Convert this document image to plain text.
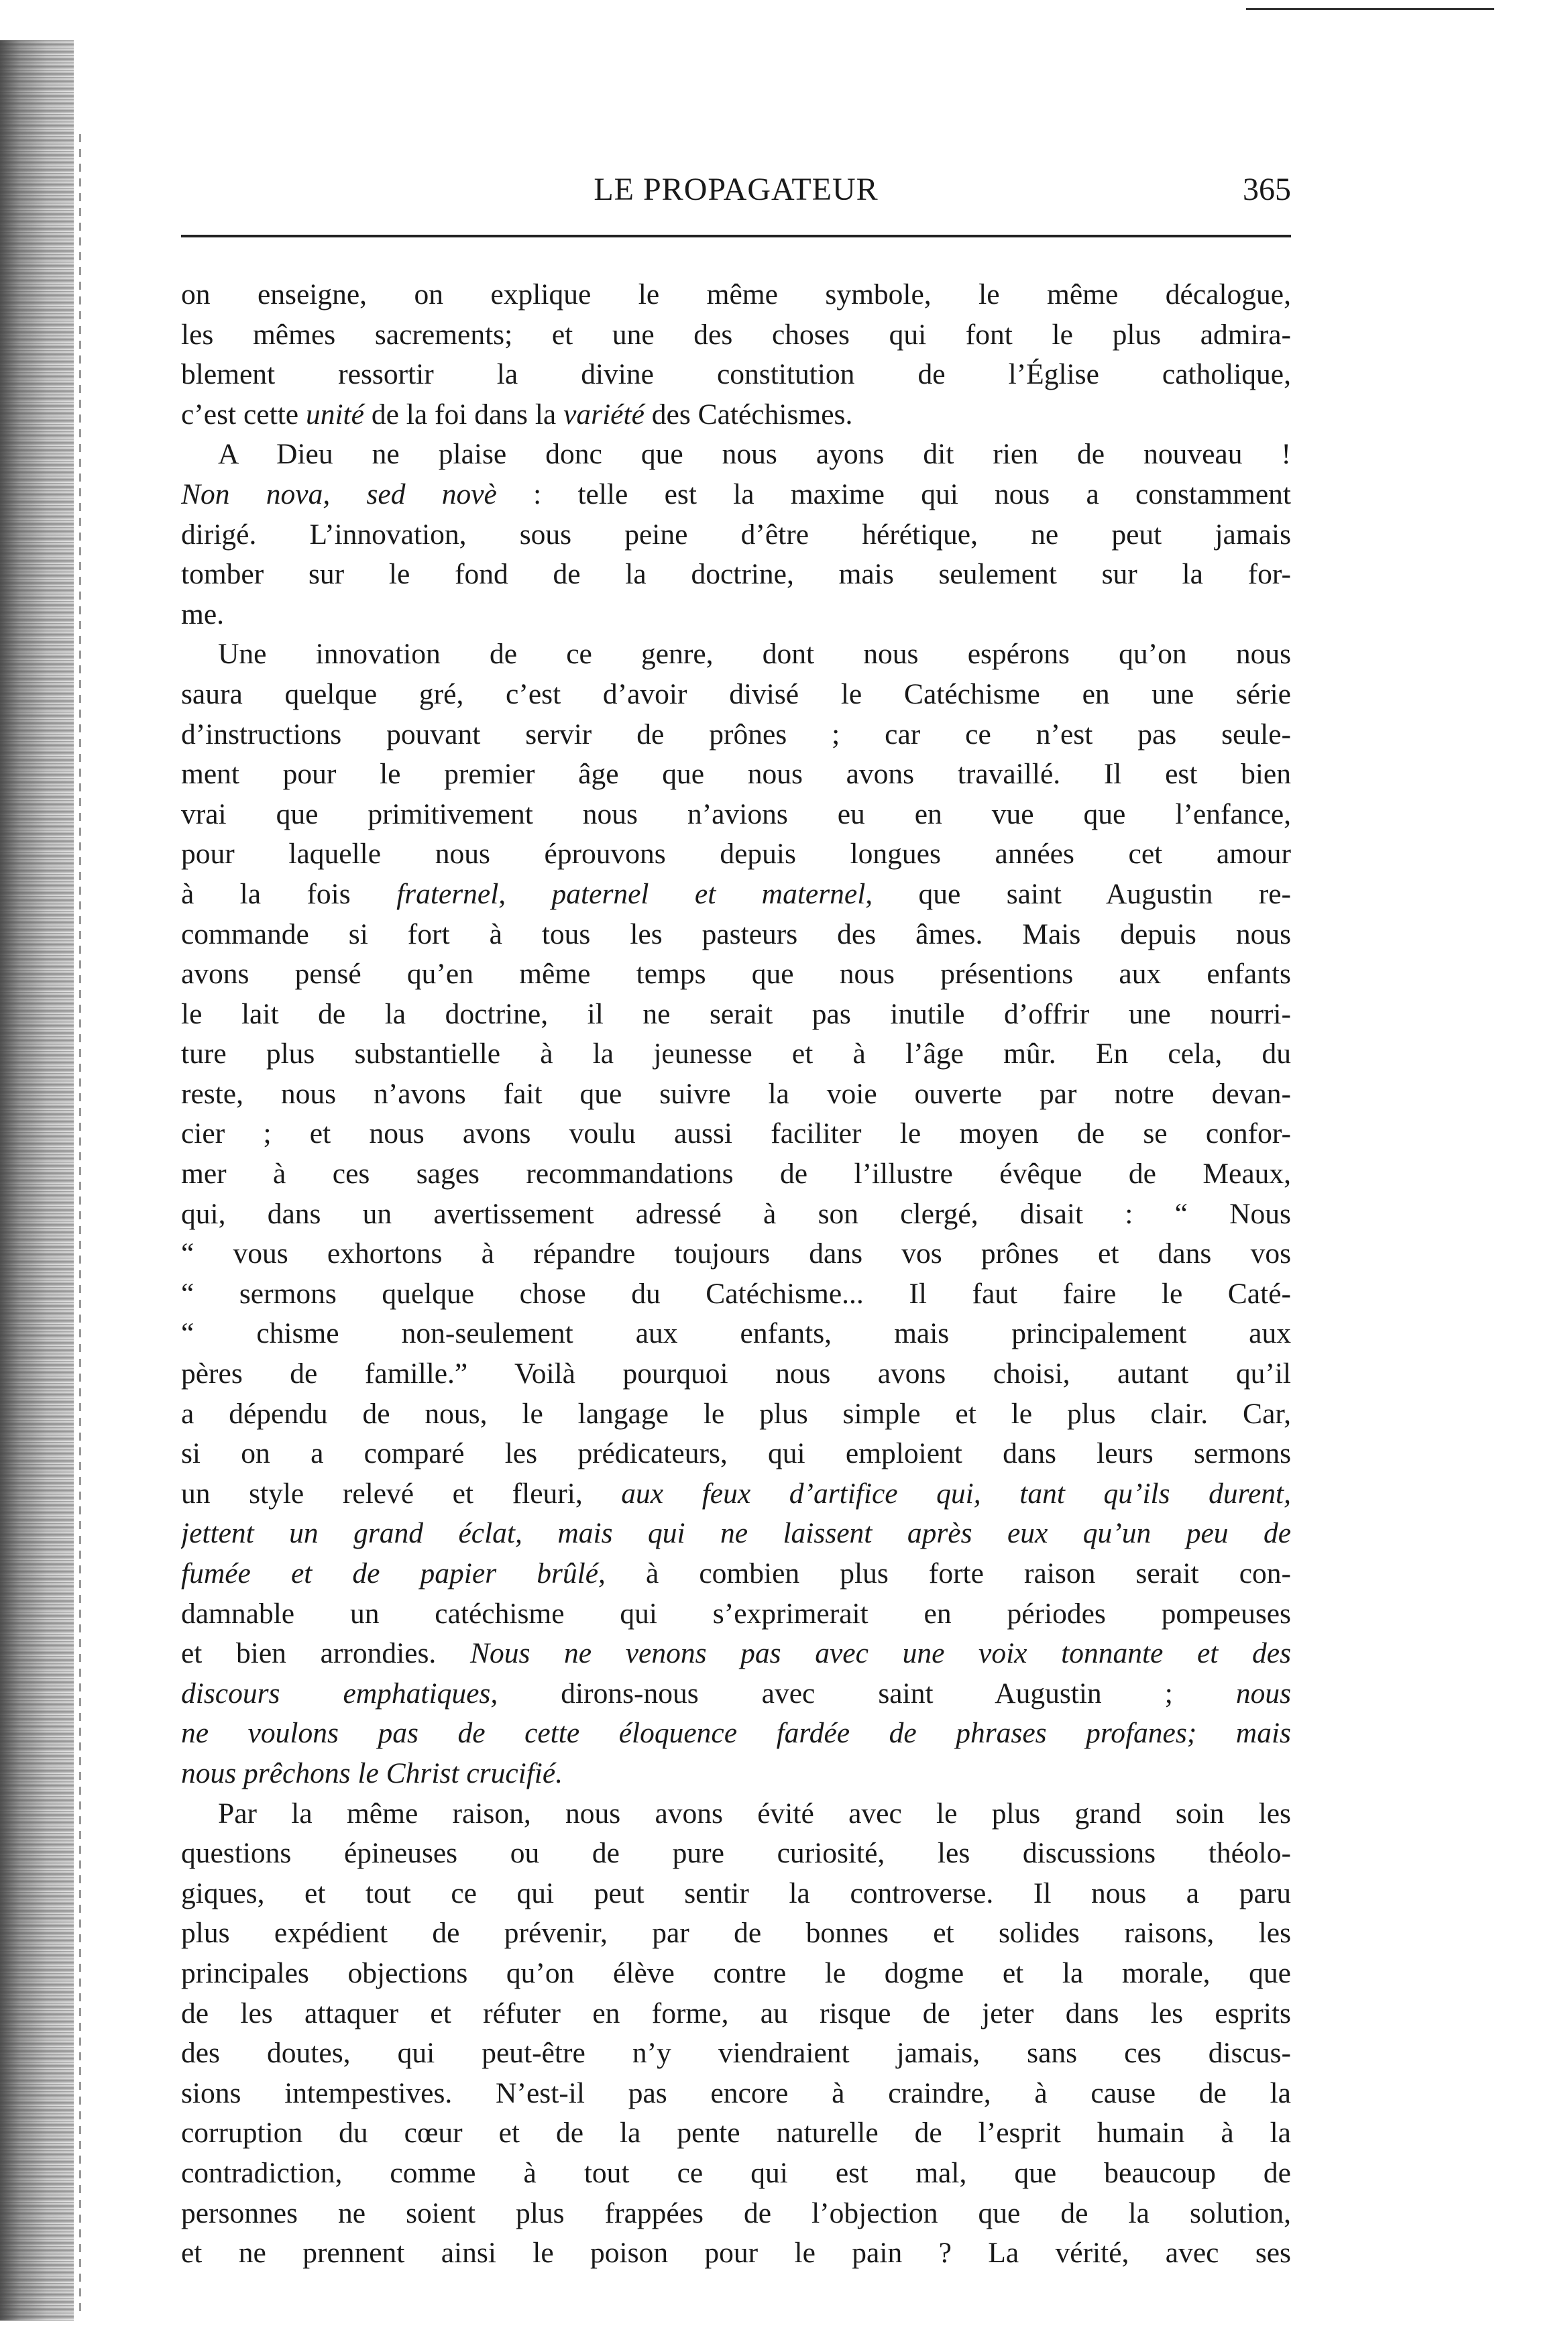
LE PROPAGATEUR	365
on enseigne, on explique le même symbole, le même décalogue,
les mêmes sacrements; et une des choses qui font le plus admira-
blement ressortir la divine constitution de l’Église catholique,
c’est cette unité de la foi dans la variété des Catéchismes.
A Dieu ne plaise donc que nous ayons dit rien de nouveau !
Non nova, sed novè : telle est la maxime qui nous a constamment
dirigé. L’innovation, sous peine d’être hérétique, ne peut jamais
tomber sur le fond de la doctrine, mais seulement sur la for-
me.
Une innovation de ce genre, dont nous espérons qu’on nous
saura quelque gré, c’est d’avoir divisé le Catéchisme en une série
d’instructions pouvant servir de prônes ; car ce n’est pas seule-
ment pour le premier âge que nous avons travaillé. Il est bien
vrai que primitivement nous n’avions eu en vue que l’enfance,
pour laquelle nous éprouvons depuis longues années cet amour
à la fois fraternel, paternel et maternel, que saint Augustin re-
commande si fort à tous les pasteurs des âmes. Mais depuis nous
avons pensé qu’en même temps que nous présentions aux enfants
le lait de la doctrine, il ne serait pas inutile d’offrir une nourri-
ture plus substantielle à la jeunesse et à l’âge mûr. En cela, du
reste, nous n’avons fait que suivre la voie ouverte par notre devan-
cier ; et nous avons voulu aussi faciliter le moyen de se confor-
mer à ces sages recommandations de l’illustre évêque de Meaux,
qui, dans un avertissement adressé à son clergé, disait : “ Nous
“ vous exhortons à répandre toujours dans vos prônes et dans vos
“ sermons quelque chose du Catéchisme... Il faut faire le Caté-
“ chisme non-seulement aux enfants, mais principalement aux
pères de famille.” Voilà pourquoi nous avons choisi, autant qu’il
a dépendu de nous, le langage le plus simple et le plus clair. Car,
si on a comparé les prédicateurs, qui emploient dans leurs sermons
un style relevé et fleuri, aux feux d’artifice qui, tant qu’ils durent,
jettent un grand éclat, mais qui ne laissent après eux qu’un peu de
fumée et de papier brûlé, à combien plus forte raison serait con-
damnable un catéchisme qui s’exprimerait en périodes pompeuses
et bien arrondies. Nous ne venons pas avec une voix tonnante et des
discours emphatiques, dirons-nous avec saint Augustin ; nous
ne voulons pas de cette éloquence fardée de phrases profanes; mais
nous prêchons le Christ crucifié.
Par la même raison, nous avons évité avec le plus grand soin les
questions épineuses ou de pure curiosité, les discussions théolo-
giques, et tout ce qui peut sentir la controverse. Il nous a paru
plus expédient de prévenir, par de bonnes et solides raisons, les
principales objections qu’on élève contre le dogme et la morale, que
de les attaquer et réfuter en forme, au risque de jeter dans les esprits
des doutes, qui peut-être n’y viendraient jamais, sans ces discus-
sions intempestives. N’est-il pas encore à craindre, à cause de la
corruption du cœur et de la pente naturelle de l’esprit humain à la
contradiction, comme à tout ce qui est mal, que beaucoup de
personnes ne soient plus frappées de l’objection que de la solution,
et ne prennent ainsi le poison pour le pain ? La vérité, avec ses
